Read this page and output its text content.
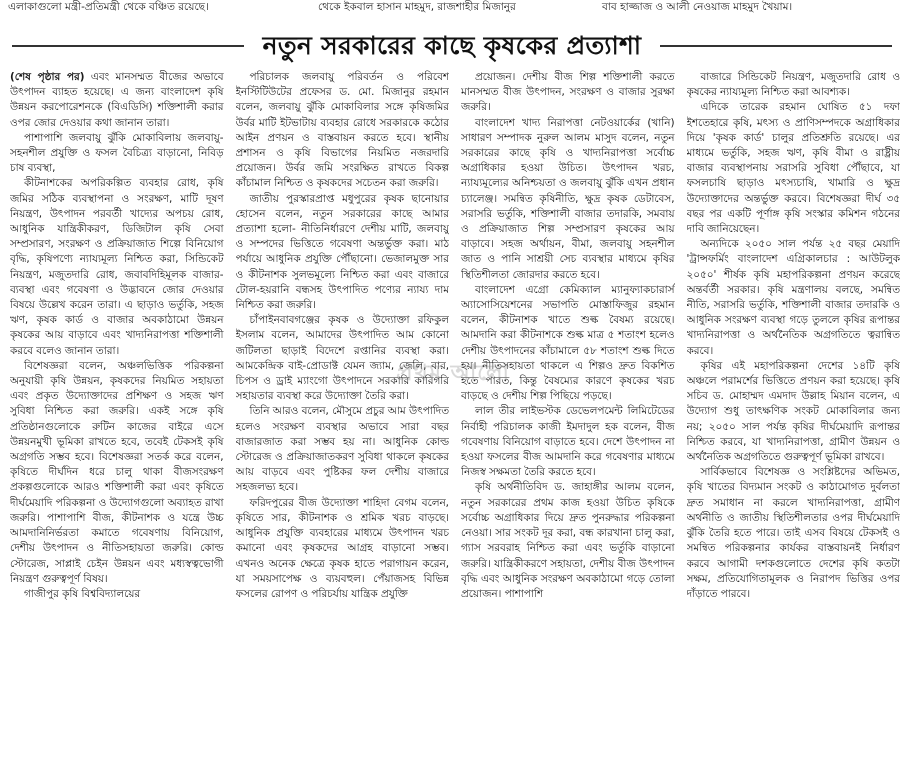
এলাকাগুলো মন্ত্রী-প্রতিমন্ত্রী থেকে বঞ্চিত রয়েছে।	থেকে ইকবাল হাসান মাহমুদ, রাজশাহীর মিজানুর	বাব হাজ্জাজ ও আলী নেওয়াজ মাহমুদ খৈয়াম।
নতুন সরকারের কাছে কৃষকের প্রত্যাশা

(শেষ পৃষ্ঠার পর) এবং মানসম্মত বীজের অভাবে উৎপাদন ব্যাহত হয়েছে। এ জন্য বাংলাদেশ কৃষি উন্নয়ন করপোরেশনকে (বিএডিসি) শক্তিশালী করার ওপর জোর দেওয়ার কথা জানান তারা।

পাশাপাশি জলবায়ু ঝুঁকি মোকাবিলায় জলবায়ু-সহনশীল প্রযুক্তি ও ফসল বৈচিত্র্য বাড়ানো, নিবিড় চাষ ব্যবস্থা,

কীটনাশকের অপরিকল্পিত ব্যবহার রোধ, কৃষি জমির সঠিক ব্যবস্থাপনা ও সংরক্ষণ, মাটি দূষণ নিয়ন্ত্রণ, উৎপাদন পরবর্তী খাদ্যের অপচয় রোধ, আধুনিক যান্ত্রিকীকরণ, ডিজিটাল কৃষি সেবা সম্প্রসারণ, সংরক্ষণ ও প্রক্রিয়াজাত শিল্পে বিনিয়োগ বৃদ্ধি, কৃষিপণ্যে ন্যায্যমূল্য নিশ্চিত করা, সিন্ডিকেট নিয়ন্ত্রণ, মজুতদারি রোধ, জবাবদিহিমূলক বাজার-ব্যবস্থা এবং গবেষণা ও উদ্ভাবনে জোর দেওয়ার বিষয়ে উল্লেখ করেন তারা। এ ছাড়াও ভর্তুকি, সহজ ঋণ, কৃষক কার্ড ও বাজার অবকাঠামো উন্নয়ন কৃষকের আয় বাড়াবে এবং খাদ্যনিরাপত্তা শক্তিশালী করবে বলেও জানান তারা।

বিশেষজ্ঞরা বলেন, অঞ্চলভিত্তিক পরিকল্পনা অনুযায়ী কৃষি উন্নয়ন, কৃষকদের নিয়মিত সহায়তা এবং প্রকৃত উদ্যোক্তাদের প্রশিক্ষণ ও সহজ ঋণ সুবিধা নিশ্চিত করা জরুরি। একই সঙ্গে কৃষি প্রতিষ্ঠানগুলোকে রুটিন কাজের বাইরে এসে উন্নয়নমুখী ভূমিকা রাখতে হবে, তবেই টেকসই কৃষি অগ্রগতি সম্ভব হবে। বিশেষজ্ঞরা সতর্ক করে বলেন, কৃষিতে দীর্ঘদিন ধরে চালু থাকা বীজসংরক্ষণ প্রকল্পগুলোকে আরও শক্তিশালী করা এবং কৃষিতে দীর্ঘমেয়াদি পরিকল্পনা ও উদ্যোগগুলো অব্যাহত রাখা জরুরি। পাশাপাশি বীজ, কীটনাশক ও যন্ত্রে উচ্চ আমদানিনির্ভরতা কমাতে গবেষণায় বিনিয়োগ, দেশীয় উৎপাদন ও নীতিসহায়তা জরুরি। কোল্ড স্টোরেজ, সাপ্লাই চেইন উন্নয়ন এবং মধ্যস্বত্বভোগী নিয়ন্ত্রণ গুরুত্বপূর্ণ বিষয়।

গাজীপুর কৃষি বিশ্ববিদ্যালয়ের

পরিচালক জলবায়ু পরিবর্তন ও পরিবেশ ইনস্টিটিউটের প্রফেসর ড. মো. মিজানুর রহমান বলেন, জলবায়ু ঝুঁকি মোকাবিলার সঙ্গে কৃষিজমির উর্বর মাটি ইটভাটায় ব্যবহার রোধে সরকারকে কঠোর আইন প্রণয়ন ও বাস্তবায়ন করতে হবে। স্থানীয় প্রশাসন ও কৃষি বিভাগের নিয়মিত নজরদারি প্রয়োজন। উর্বর জমি সংরক্ষিত রাখতে বিকল্প কাঁচামাল নিশ্চিত ও কৃষকদের সচেতন করা জরুরি।

জাতীয় পুরস্কারপ্রাপ্ত মধুপুরের কৃষক ছানোয়ার হোসেন বলেন, নতুন সরকারের কাছে আমার প্রত্যাশা হলো- নীতিনির্ধারণে দেশীয় মাটি, জলবায়ু ও সম্পদের ভিত্তিতে গবেষণা অন্তর্ভুক্ত করা। মাঠ পর্যায়ে আধুনিক প্রযুক্তি পৌঁছানো। ভেজালমুক্ত সার ও কীটনাশক সুলভমূল্যে নিশ্চিত করা এবং বাজারে টোল-হয়রানি বন্ধসহ উৎপাদিত পণ্যের ন্যায্য দাম নিশ্চিত করা জরুরি।

চাঁপাইনবাবগঞ্জের কৃষক ও উদ্যোক্তা রফিকুল ইসলাম বলেন, আমাদের উৎপাদিত আম কোনো জটিলতা ছাড়াই বিদেশে রপ্তানির ব্যবস্থা করা। আমকেন্দ্রিক বাই-প্রোডাক্ট যেমন জ্যাম, জেলি, বার, চিপস ও ড্রাই ম্যাংগো উৎপাদনে সরকারি কারিগরি সহায়তার ব্যবস্থা করে উদ্যোক্তা তৈরি করা।

তিনি আরও বলেন, মৌসুমে প্রচুর আম উৎপাদিত হলেও সংরক্ষণ ব্যবস্থার অভাবে সারা বছর বাজারজাত করা সম্ভব হয় না। আধুনিক কোল্ড স্টোরেজ ও প্রক্রিয়াজাতকরণ সুবিধা থাকলে কৃষকের আয় বাড়বে এবং পুষ্টিকর ফল দেশীয় বাজারে সহজলভ্য হবে।

ফরিদপুরের বীজ উদ্যোক্তা শাহিদা বেগম বলেন, কৃষিতে সার, কীটনাশক ও শ্রমিক খরচ বাড়ছে। আধুনিক প্রযুক্তি ব্যবহারের মাধ্যমে উৎপাদন খরচ কমানো এবং কৃষকদের আগ্রহ বাড়ানো সম্ভব। এখনও অনেক ক্ষেত্রে কৃষক হাতে পরাগায়ন করেন, যা সময়সাপেক্ষ ও ব্যয়বহুল। পেঁয়াজসহ বিভিন্ন ফসলের রোপণ ও পরিচর্যায় যান্ত্রিক প্রযুক্তি

প্রয়োজন। দেশীয় বীজ শিল্প শক্তিশালী করতে মানসম্মত বীজ উৎপাদন, সংরক্ষণ ও বাজার সুরক্ষা জরুরি।

বাংলাদেশ খাদ্য নিরাপত্তা নেটওয়ার্কের (খানি) সাধারণ সম্পাদক নুরুল আলম মাসুদ বলেন, নতুন সরকারের কাছে কৃষি ও খাদ্যনিরাপত্তা সর্বোচ্চ অগ্রাধিকার হওয়া উচিত। উৎপাদন খরচ, ন্যায্যমূল্যের অনিশ্চয়তা ও জলবায়ু ঝুঁকি এখন প্রধান চ্যালেঞ্জ। সমন্বিত কৃষিনীতি, ক্ষুদ্র কৃষক ডেটাবেস, সরাসরি ভর্তুকি, শক্তিশালী বাজার তদারকি, সমবায় ও প্রক্রিয়াজাত শিল্প সম্প্রসারণ কৃষকের আয় বাড়াবে। সহজ অর্থায়ন, বীমা, জলবায়ু সহনশীল জাত ও পানি সাশ্রয়ী সেচ ব্যবস্থার মাধ্যমে কৃষির স্থিতিশীলতা জোরদার করতে হবে।

বাংলাদেশ এগ্রো কেমিক্যাল ম্যানুফ্যাকচারার্স অ্যাসোসিয়েশনের সভাপতি মোস্তাফিজুর রহমান বলেন, কীটনাশক খাতে শুল্ক বৈষম্য রয়েছে। আমদানি করা কীটনাশকে শুল্ক মাত্র ৫ শতাংশ হলেও দেশীয় উৎপাদনের কাঁচামালে ৫৮ শতাংশ শুল্ক দিতে হয়। নীতিসহায়তা থাকলে এ শিল্পও দ্রুত বিকশিত হতে পারত, কিন্তু বৈষম্যের কারণে কৃষকের খরচ বাড়ছে ও দেশীয় শিল্প পিছিয়ে পড়ছে।

লাল তীর লাইভস্টক ডেভেলপমেন্ট লিমিটেডের নির্বাহী পরিচালক কাজী ইমদাদুল হক বলেন, বীজ গবেষণায় বিনিয়োগ বাড়াতে হবে। দেশে উৎপাদন না হওয়া ফসলের বীজ আমদানি করে গবেষণার মাধ্যমে নিজস্ব সক্ষমতা তৈরি করতে হবে।

কৃষি অর্থনীতিবিদ ড. জাহাঙ্গীর আলম বলেন, নতুন সরকারের প্রথম কাজ হওয়া উচিত কৃষিকে সর্বোচ্চ অগ্রাধিকার দিয়ে দ্রুত পুনরুদ্ধার পরিকল্পনা নেওয়া। সার সংকট দূর করা, বন্ধ কারখানা চালু করা, গ্যাস সরবরাহ নিশ্চিত করা এবং ভর্তুকি বাড়ানো জরুরি। যান্ত্রিকীকরণে সহায়তা, দেশীয় বীজ উৎপাদন বৃদ্ধি এবং আধুনিক সংরক্ষণ অবকাঠামো গড়ে তোলা প্রয়োজন। পাশাপাশি

বাজারে সিন্ডিকেট নিয়ন্ত্রণ, মজুতদারি রোধ ও কৃষকের ন্যায্যমূল্য নিশ্চিত করা আবশ্যক।

এদিকে তারেক রহমান ঘোষিত ৫১ দফা ইশতেহারে কৃষি, মৎস্য ও প্রাণিসম্পদকে অগ্রাধিকার দিয়ে 'কৃষক কার্ড' চালুর প্রতিশ্রুতি রয়েছে। এর মাধ্যমে ভর্তুকি, সহজ ঋণ, কৃষি বীমা ও রাষ্ট্রীয় বাজার ব্যবস্থাপনায় সরাসরি সুবিধা পৌঁছাবে, যা ফসলচাষি ছাড়াও মৎস্যচাষি, খামারি ও ক্ষুদ্র উদ্যোক্তাদের অন্তর্ভুক্ত করবে। বিশেষজ্ঞরা দীর্ঘ ৩৫ বছর পর একটি পূর্ণাঙ্গ কৃষি সংস্কার কমিশন গঠনের দাবি জানিয়েছেন।

অন্যদিকে ২০৫০ সাল পর্যন্ত ২৫ বছর মেয়াদি 'ট্রান্সফর্মিং বাংলাদেশ এগ্রিকালচার : আউটলুক ২০৫০' শীর্ষক কৃষি মহাপরিকল্পনা প্রণয়ন করেছে অন্তর্বর্তী সরকার। কৃষি মন্ত্রণালয় বলছে, সমন্বিত নীতি, সরাসরি ভর্তুকি, শক্তিশালী বাজার তদারকি ও আধুনিক সংরক্ষণ ব্যবস্থা গড়ে তুললে কৃষির রূপান্তর খাদ্যনিরাপত্তা ও অর্থনৈতিক অগ্রগতিতে ত্বরান্বিত করবে।

কৃষির এই মহাপরিকল্পনা দেশের ১৪টি কৃষি অঞ্চলে পরামর্শের ভিত্তিতে প্রণয়ন করা হয়েছে। কৃষি সচিব ড. মোহাম্মদ এমদাদ উল্লাহ মিয়ান বলেন, এ উদ্যোগ শুধু তাৎক্ষণিক সংকট মোকাবিলার জন্য নয়; ২০৫০ সাল পর্যন্ত কৃষির দীর্ঘমেয়াদি রূপান্তর নিশ্চিত করবে, যা খাদ্যনিরাপত্তা, গ্রামীণ উন্নয়ন ও অর্থনৈতিক অগ্রগতিতে গুরুত্বপূর্ণ ভূমিকা রাখবে।

সার্বিকভাবে বিশেষজ্ঞ ও সংশ্লিষ্টদের অভিমত, কৃষি খাতের বিদ্যমান সংকট ও কাঠামোগত দুর্বলতা দ্রুত সমাধান না করলে খাদ্যনিরাপত্তা, গ্রামীণ অর্থনীতি ও জাতীয় স্থিতিশীলতার ওপর দীর্ঘমেয়াদি ঝুঁকি তৈরি হতে পারে। তাই এসব বিষয়ে টেকসই ও সমন্বিত পরিকল্পনার কার্যকর বাস্তবায়নই নির্ধারণ করবে আগামী দশকগুলোতে দেশের কৃষি কতটা সক্ষম, প্রতিযোগিতামূলক ও নিরাপদ ভিত্তির ওপর দাঁড়াতে পারবে।

প্রথম আলো
